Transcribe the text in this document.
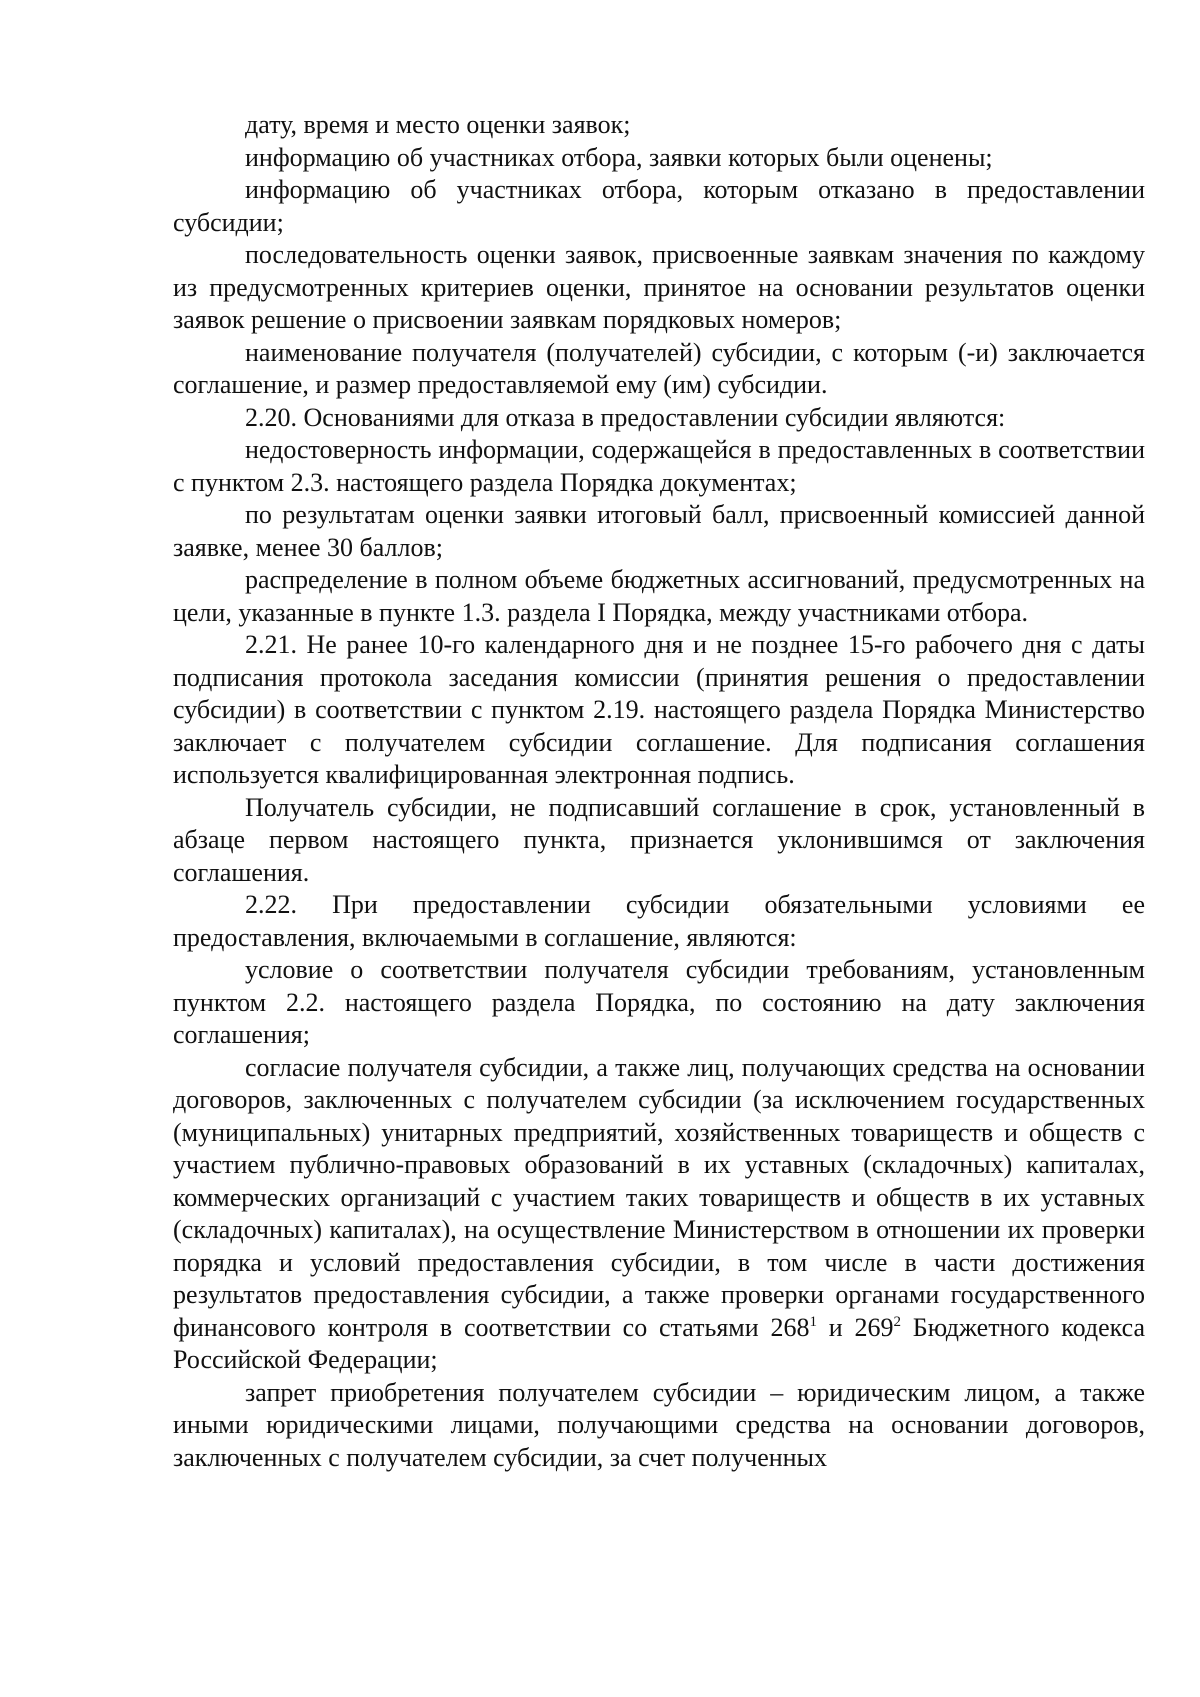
дату, время и место оценки заявок;

информацию об участниках отбора, заявки которых были оценены;

информацию об участниках отбора, которым отказано в предоставлении субсидии;

последовательность оценки заявок, присвоенные заявкам значения по каждому из предусмотренных критериев оценки, принятое на основании результатов оценки заявок решение о присвоении заявкам порядковых номеров;

наименование получателя (получателей) субсидии, с которым (-и) заключается соглашение, и размер предоставляемой ему (им) субсидии.

2.20. Основаниями для отказа в предоставлении субсидии являются:

недостоверность информации, содержащейся в предоставленных в соответствии с пунктом 2.3. настоящего раздела Порядка документах;

по результатам оценки заявки итоговый балл, присвоенный комиссией данной заявке, менее 30 баллов;

распределение в полном объеме бюджетных ассигнований, предусмотренных на цели, указанные в пункте 1.3. раздела I Порядка, между участниками отбора.

2.21. Не ранее 10-го календарного дня и не позднее 15-го рабочего дня с даты подписания протокола заседания комиссии (принятия решения о предоставлении субсидии) в соответствии с пунктом 2.19. настоящего раздела Порядка Министерство заключает с получателем субсидии соглашение. Для подписания соглашения используется квалифицированная электронная подпись.

Получатель субсидии, не подписавший соглашение в срок, установленный в абзаце первом настоящего пункта, признается уклонившимся от заключения соглашения.

2.22. При предоставлении субсидии обязательными условиями ее предоставления, включаемыми в соглашение, являются:

условие о соответствии получателя субсидии требованиям, установленным пунктом 2.2. настоящего раздела Порядка, по состоянию на дату заключения соглашения;

согласие получателя субсидии, а также лиц, получающих средства на основании договоров, заключенных с получателем субсидии (за исключением государственных (муниципальных) унитарных предприятий, хозяйственных товариществ и обществ с участием публично-правовых образований в их уставных (складочных) капиталах, коммерческих организаций с участием таких товариществ и обществ в их уставных (складочных) капиталах), на осуществление Министерством в отношении их проверки порядка и условий предоставления субсидии, в том числе в части достижения результатов предоставления субсидии, а также проверки органами государственного финансового контроля в соответствии со статьями $268^1$ и $269^2$ Бюджетного кодекса Российской Федерации;

запрет приобретения получателем субсидии – юридическим лицом, а также иными юридическими лицами, получающими средства на основании договоров, заключенных с получателем субсидии, за счет полученных
